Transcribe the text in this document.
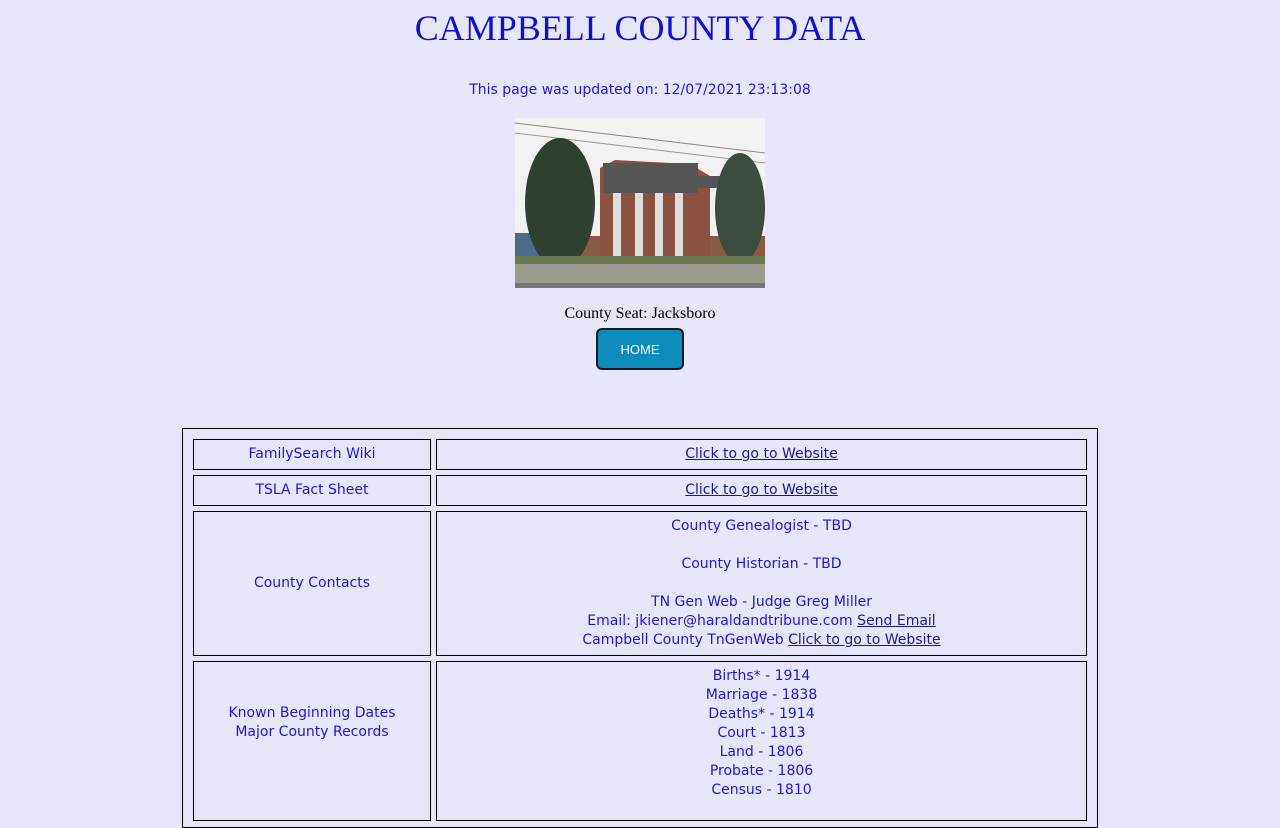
CAMPBELL COUNTY DATA
This page was updated on: 12/07/2021 23:13:08
County Seat: Jacksboro
HOME
FamilySearch Wiki	Click to go to Website
TSLA Fact Sheet	Click to go to Website
County Contacts
County Genealogist - TBD
County Historian - TBD
TN Gen Web - Judge Greg Miller
Email: jkiener@haraldandtribune.com Send Email
Campbell County TnGenWeb Click to go to Website
Known Beginning Dates
Major County Records
Births* - 1914
Marriage - 1838
Deaths* - 1914
Court - 1813
Land - 1806
Probate - 1806
Census - 1810
